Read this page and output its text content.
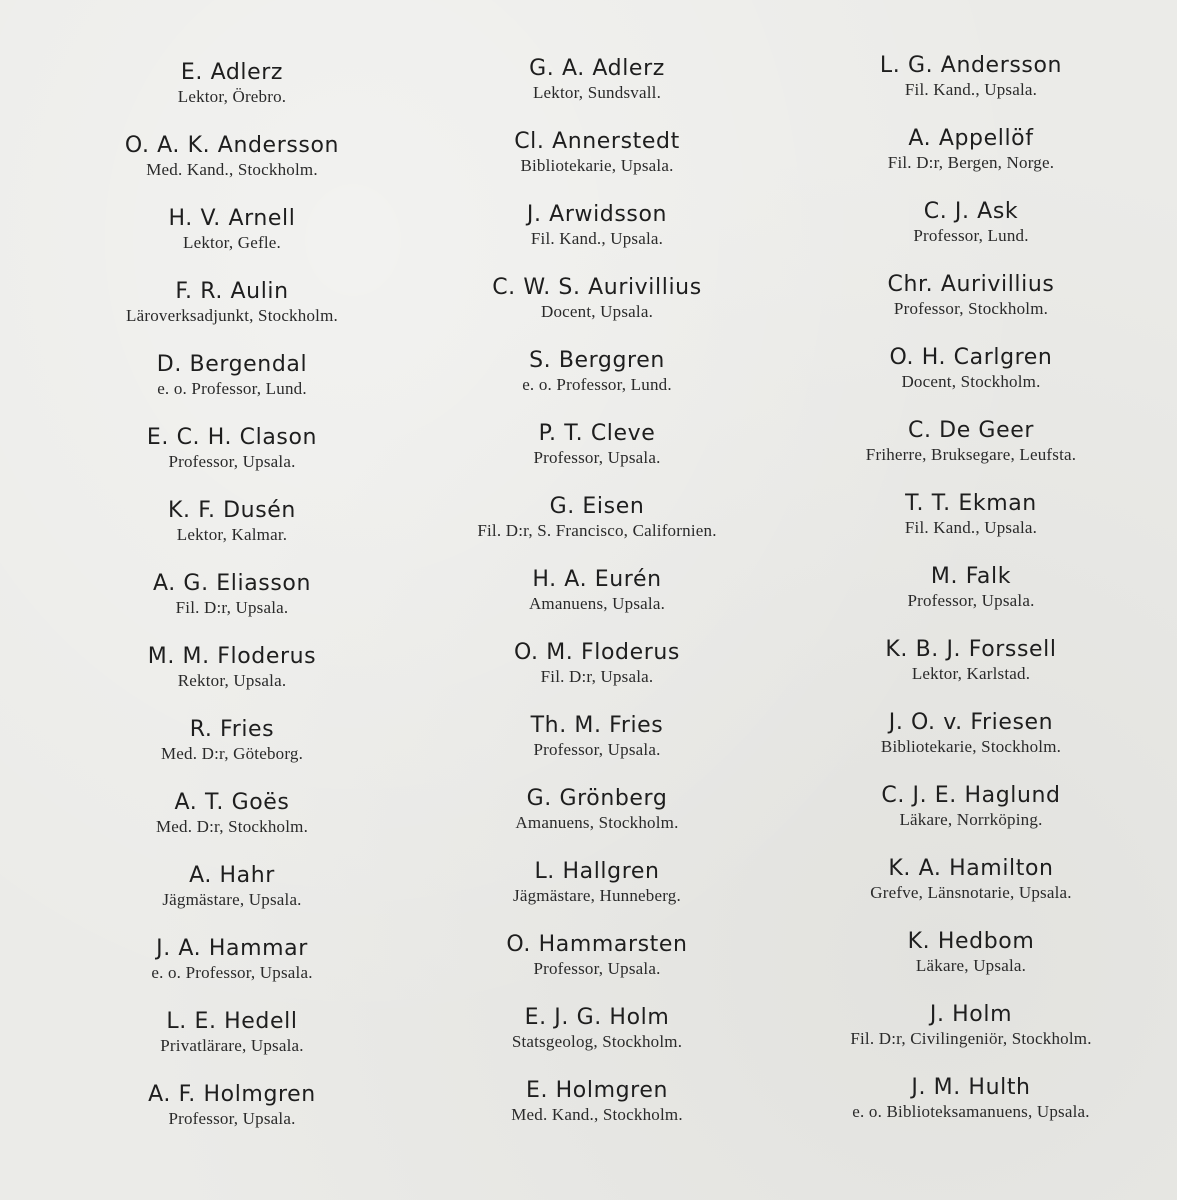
E. Adlerz
Lektor, Örebro.
O. A. K. Andersson
Med. Kand., Stockholm.
H. V. Arnell
Lektor, Gefle.
F. R. Aulin
Läroverksadjunkt, Stockholm.
D. Bergendal
e. o. Professor, Lund.
E. C. H. Clason
Professor, Upsala.
K. F. Dusén
Lektor, Kalmar.
A. G. Eliasson
Fil. D:r, Upsala.
M. M. Floderus
Rektor, Upsala.
R. Fries
Med. D:r, Göteborg.
A. T. Goës
Med. D:r, Stockholm.
A. Hahr
Jägmästare, Upsala.
J. A. Hammar
e. o. Professor, Upsala.
L. E. Hedell
Privatlärare, Upsala.
A. F. Holmgren
Professor, Upsala.
G. A. Adlerz
Lektor, Sundsvall.
Cl. Annerstedt
Bibliotekarie, Upsala.
J. Arwidsson
Fil. Kand., Upsala.
C. W. S. Aurivillius
Docent, Upsala.
S. Berggren
e. o. Professor, Lund.
P. T. Cleve
Professor, Upsala.
G. Eisen
Fil. D:r, S. Francisco, Californien.
H. A. Eurén
Amanuens, Upsala.
O. M. Floderus
Fil. D:r, Upsala.
Th. M. Fries
Professor, Upsala.
G. Grönberg
Amanuens, Stockholm.
L. Hallgren
Jägmästare, Hunneberg.
O. Hammarsten
Professor, Upsala.
E. J. G. Holm
Statsgeolog, Stockholm.
E. Holmgren
Med. Kand., Stockholm.
L. G. Andersson
Fil. Kand., Upsala.
A. Appellöf
Fil. D:r, Bergen, Norge.
C. J. Ask
Professor, Lund.
Chr. Aurivillius
Professor, Stockholm.
O. H. Carlgren
Docent, Stockholm.
C. De Geer
Friherre, Bruksegare, Leufsta.
T. T. Ekman
Fil. Kand., Upsala.
M. Falk
Professor, Upsala.
K. B. J. Forssell
Lektor, Karlstad.
J. O. v. Friesen
Bibliotekarie, Stockholm.
C. J. E. Haglund
Läkare, Norrköping.
K. A. Hamilton
Grefve, Länsnotarie, Upsala.
K. Hedbom
Läkare, Upsala.
J. Holm
Fil. D:r, Civilingeniör, Stockholm.
J. M. Hulth
e. o. Biblioteksamanuens, Upsala.
